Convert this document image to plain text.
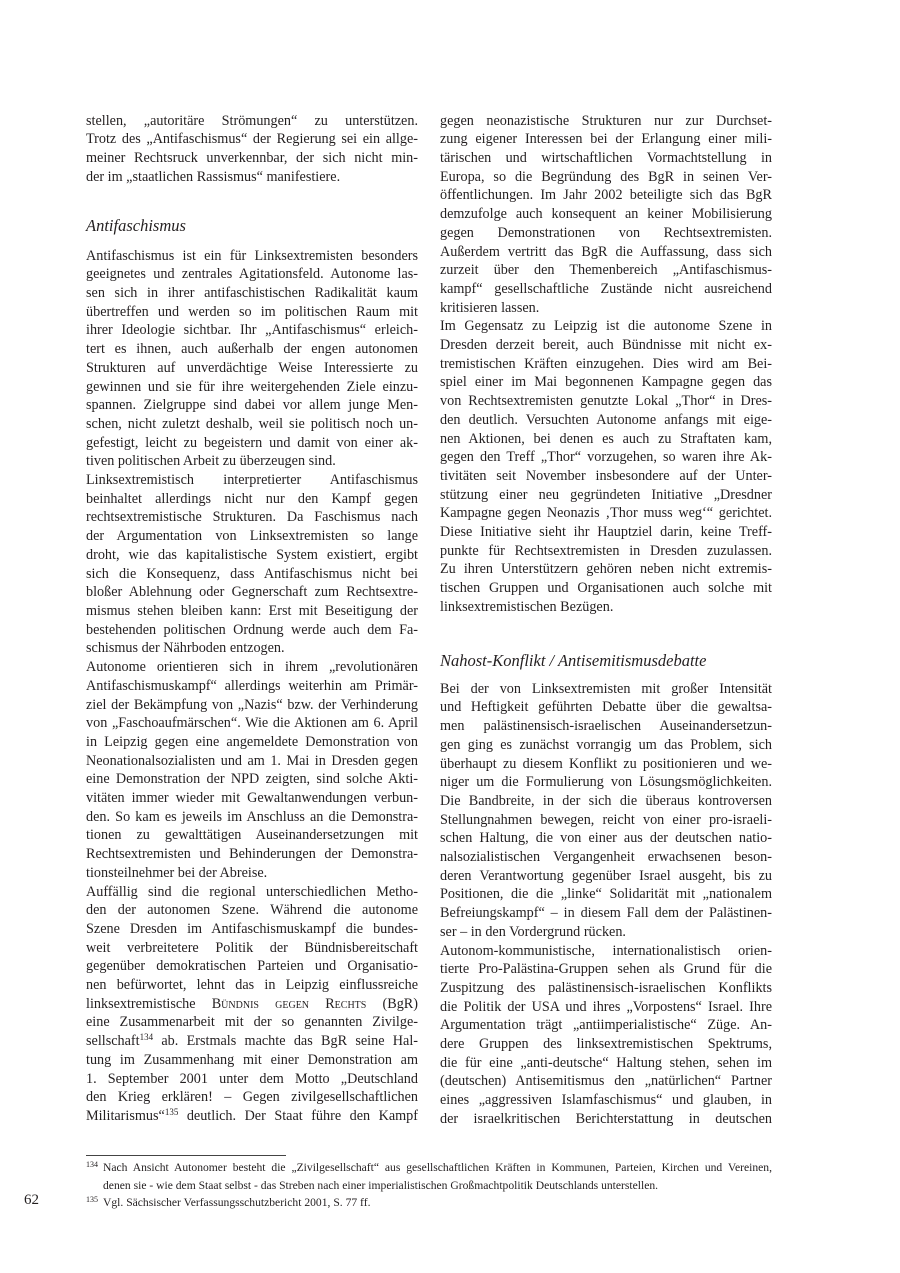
stellen, „autoritäre Strömungen“ zu unterstützen.
Trotz des „Antifaschismus“ der Regierung sei ein allge-
meiner Rechtsruck unverkennbar, der sich nicht min-
der im „staatlichen Rassismus“ manifestiere.
Antifaschismus
Antifaschismus ist ein für Linksextremisten besonders
geeignetes und zentrales Agitationsfeld. Autonome las-
sen sich in ihrer antifaschistischen Radikalität kaum
übertreffen und werden so im politischen Raum mit
ihrer Ideologie sichtbar. Ihr „Antifaschismus“ erleich-
tert es ihnen, auch außerhalb der engen autonomen
Strukturen auf unverdächtige Weise Interessierte zu
gewinnen und sie für ihre weitergehenden Ziele einzu-
spannen. Zielgruppe sind dabei vor allem junge Men-
schen, nicht zuletzt deshalb, weil sie politisch noch un-
gefestigt, leicht zu begeistern und damit von einer ak-
tiven politischen Arbeit zu überzeugen sind.
Linksextremistisch interpretierter Antifaschismus
beinhaltet allerdings nicht nur den Kampf gegen
rechtsextremistische Strukturen. Da Faschismus nach
der Argumentation von Linksextremisten so lange
droht, wie das kapitalistische System existiert, ergibt
sich die Konsequenz, dass Antifaschismus nicht bei
bloßer Ablehnung oder Gegnerschaft zum Rechtsextre-
mismus stehen bleiben kann: Erst mit Beseitigung der
bestehenden politischen Ordnung werde auch dem Fa-
schismus der Nährboden entzogen.
Autonome orientieren sich in ihrem „revolutionären
Antifaschismuskampf“ allerdings weiterhin am Primär-
ziel der Bekämpfung von „Nazis“ bzw. der Verhinderung
von „Faschoaufmärschen“. Wie die Aktionen am 6. April
in Leipzig gegen eine angemeldete Demonstration von
Neonationalsozialisten und am 1. Mai in Dresden gegen
eine Demonstration der NPD zeigten, sind solche Akti-
vitäten immer wieder mit Gewaltanwendungen verbun-
den. So kam es jeweils im Anschluss an die Demonstra-
tionen zu gewalttätigen Auseinandersetzungen mit
Rechtsextremisten und Behinderungen der Demonstra-
tionsteilnehmer bei der Abreise.
Auffällig sind die regional unterschiedlichen Metho-
den der autonomen Szene. Während die autonome
Szene Dresden im Antifaschismuskampf die bundes-
weit verbreitetere Politik der Bündnisbereitschaft
gegenüber demokratischen Parteien und Organisatio-
nen befürwortet, lehnt das in Leipzig einflussreiche
linksextremistische Bündnis gegen Rechts (BgR)
eine Zusammenarbeit mit der so genannten Zivilge-
sellschaft$^{134}$ ab. Erstmals machte das BgR seine Hal-
tung im Zusammenhang mit einer Demonstration am
1. September 2001 unter dem Motto „Deutschland
den Krieg erklären! – Gegen zivilgesellschaftlichen
Militarismus“$^{135}$ deutlich. Der Staat führe den Kampf
gegen neonazistische Strukturen nur zur Durchset-
zung eigener Interessen bei der Erlangung einer mili-
tärischen und wirtschaftlichen Vormachtstellung in
Europa, so die Begründung des BgR in seinen Ver-
öffentlichungen. Im Jahr 2002 beteiligte sich das BgR
demzufolge auch konsequent an keiner Mobilisierung
gegen Demonstrationen von Rechtsextremisten.
Außerdem vertritt das BgR die Auffassung, dass sich
zurzeit über den Themenbereich „Antifaschismus-
kampf“ gesellschaftliche Zustände nicht ausreichend
kritisieren lassen.
Im Gegensatz zu Leipzig ist die autonome Szene in
Dresden derzeit bereit, auch Bündnisse mit nicht ex-
tremistischen Kräften einzugehen. Dies wird am Bei-
spiel einer im Mai begonnenen Kampagne gegen das
von Rechtsextremisten genutzte Lokal „Thor“ in Dres-
den deutlich. Versuchten Autonome anfangs mit eige-
nen Aktionen, bei denen es auch zu Straftaten kam,
gegen den Treff „Thor“ vorzugehen, so waren ihre Ak-
tivitäten seit November insbesondere auf der Unter-
stützung einer neu gegründeten Initiative „Dresdner
Kampagne gegen Neonazis ‚Thor muss weg‘“ gerichtet.
Diese Initiative sieht ihr Hauptziel darin, keine Treff-
punkte für Rechtsextremisten in Dresden zuzulassen.
Zu ihren Unterstützern gehören neben nicht extremis-
tischen Gruppen und Organisationen auch solche mit
linksextremistischen Bezügen.
Nahost-Konflikt / Antisemitismusdebatte
Bei der von Linksextremisten mit großer Intensität
und Heftigkeit geführten Debatte über die gewaltsa-
men palästinensisch-israelischen Auseinandersetzun-
gen ging es zunächst vorrangig um das Problem, sich
überhaupt zu diesem Konflikt zu positionieren und we-
niger um die Formulierung von Lösungsmöglichkeiten.
Die Bandbreite, in der sich die überaus kontroversen
Stellungnahmen bewegen, reicht von einer pro-israeli-
schen Haltung, die von einer aus der deutschen natio-
nalsozialistischen Vergangenheit erwachsenen beson-
deren Verantwortung gegenüber Israel ausgeht, bis zu
Positionen, die die „linke“ Solidarität mit „nationalem
Befreiungskampf“ – in diesem Fall dem der Palästinen-
ser – in den Vordergrund rücken.
Autonom-kommunistische, internationalistisch orien-
tierte Pro-Palästina-Gruppen sehen als Grund für die
Zuspitzung des palästinensisch-israelischen Konflikts
die Politik der USA und ihres „Vorpostens“ Israel. Ihre
Argumentation trägt „antiimperialistische“ Züge. An-
dere Gruppen des linksextremistischen Spektrums,
die für eine „anti-deutsche“ Haltung stehen, sehen im
(deutschen) Antisemitismus den „natürlichen“ Partner
eines „aggressiven Islamfaschismus“ und glauben, in
der israelkritischen Berichterstattung in deutschen
134 Nach Ansicht Autonomer besteht die „Zivilgesellschaft“ aus gesellschaftlichen Kräften in Kommunen, Parteien, Kirchen und Vereinen,
denen sie - wie dem Staat selbst - das Streben nach einer imperialistischen Großmachtpolitik Deutschlands unterstellen.
135 Vgl. Sächsischer Verfassungsschutzbericht 2001, S. 77 ff.
62
